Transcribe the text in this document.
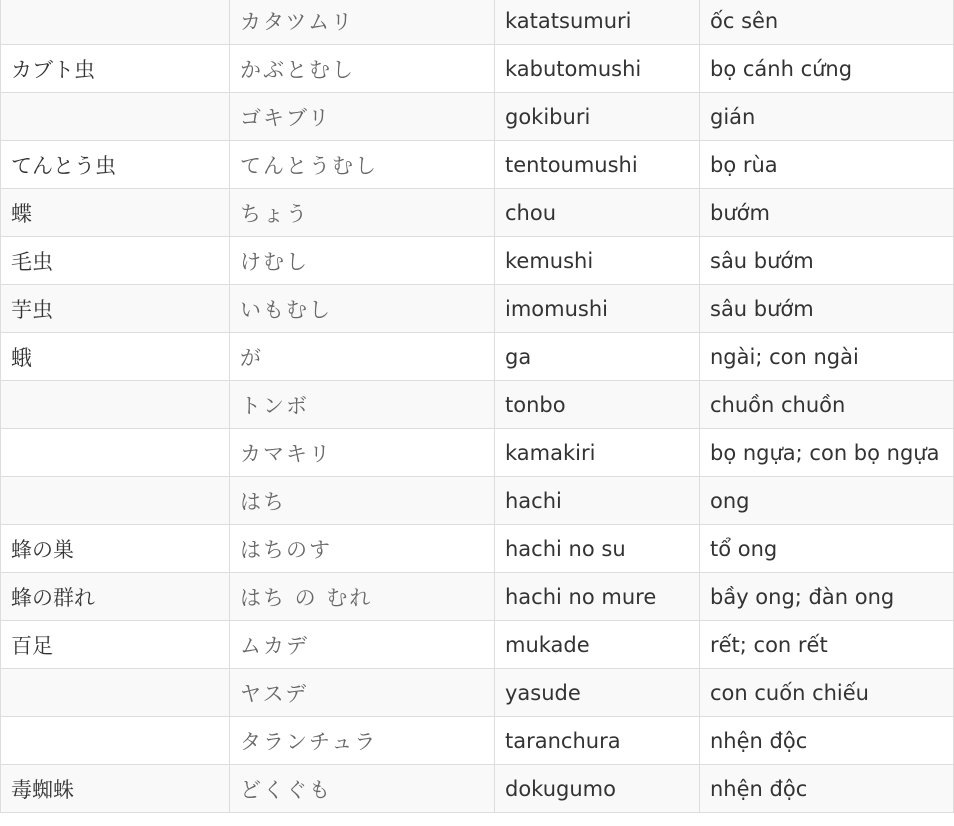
	カタツムリ	katatsumuri	ốc sên
カブト虫	かぶとむし	kabutomushi	bọ cánh cứng
	ゴキブリ	gokiburi	gián
てんとう虫	てんとうむし	tentoumushi	bọ rùa
蝶	ちょう	chou	bướm
毛虫	けむし	kemushi	sâu bướm
芋虫	いもむし	imomushi	sâu bướm
蛾	が	ga	ngài; con ngài
	トンボ	tonbo	chuồn chuồn
	カマキリ	kamakiri	bọ ngựa; con bọ ngựa
	はち	hachi	ong
蜂の巣	はちのす	hachi no su	tổ ong
蜂の群れ	はち の むれ	hachi no mure	bầy ong; đàn ong
百足	ムカデ	mukade	rết; con rết
	ヤスデ	yasude	con cuốn chiếu
	タランチュラ	taranchura	nhện độc
毒蜘蛛	どくぐも	dokugumo	nhện độc
